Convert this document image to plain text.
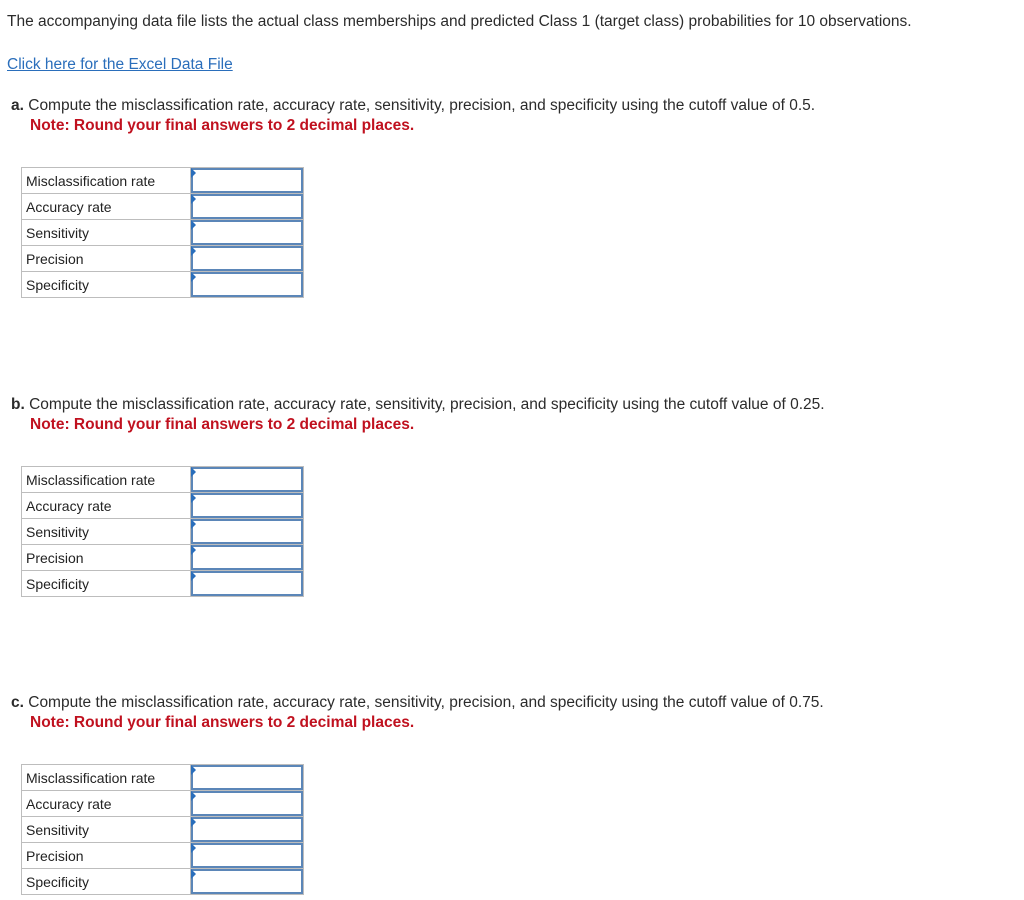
The accompanying data file lists the actual class memberships and predicted Class 1 (target class) probabilities for 10 observations.
Click here for the Excel Data File
a. Compute the misclassification rate, accuracy rate, sensitivity, precision, and specificity using the cutoff value of 0.5.
Note: Round your final answers to 2 decimal places.
Misclassification rate	

Accuracy rate	

Sensitivity	

Precision	

Specificity	
b. Compute the misclassification rate, accuracy rate, sensitivity, precision, and specificity using the cutoff value of 0.25.
Note: Round your final answers to 2 decimal places.
Misclassification rate	

Accuracy rate	

Sensitivity	

Precision	

Specificity	
c. Compute the misclassification rate, accuracy rate, sensitivity, precision, and specificity using the cutoff value of 0.75.
Note: Round your final answers to 2 decimal places.
Misclassification rate	

Accuracy rate	

Sensitivity	

Precision	

Specificity	
